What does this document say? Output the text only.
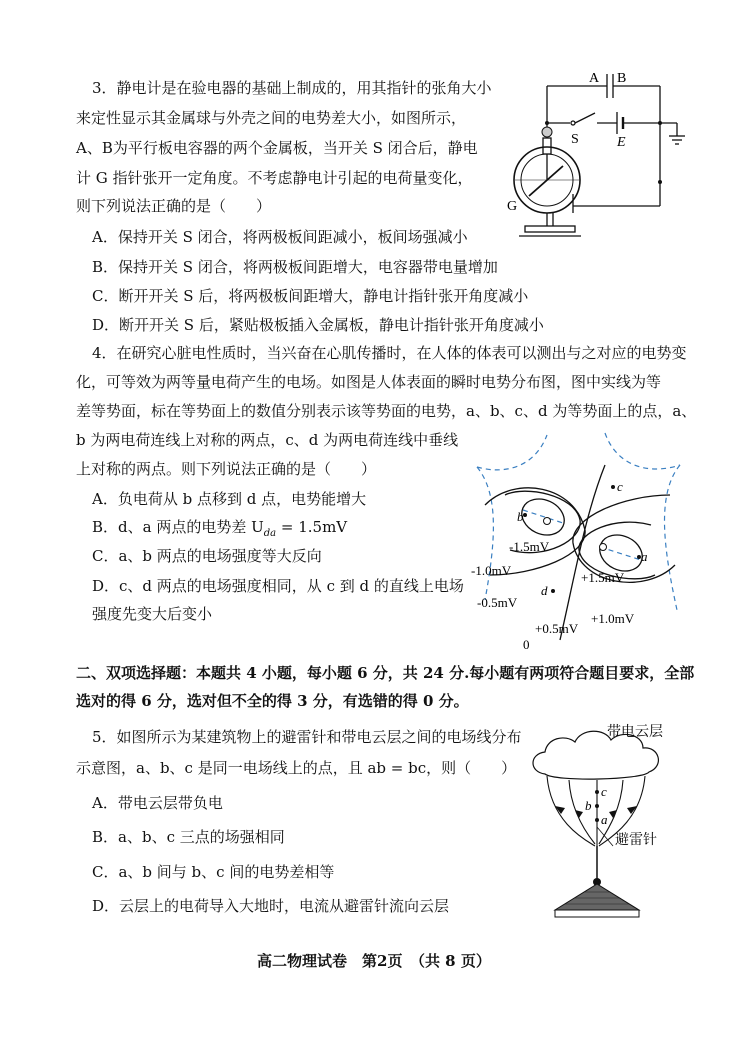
3．静电计是在验电器的基础上制成的，用其指针的张角大小
来定性显示其金属球与外壳之间的电势差大小，如图所示，
A、B为平行板电容器的两个金属板，当开关 S 闭合后，静电
计 G 指针张开一定角度。不考虑静电计引起的电荷量变化，
则下列说法正确的是（　　）
A．保持开关 S 闭合，将两极板间距减小，板间场强减小
B．保持开关 S 闭合，将两极板间距增大，电容器带电量增加
C．断开开关 S 后，将两极板间距增大，静电计指针张开角度减小
D．断开开关 S 后，紧贴极板插入金属板，静电计指针张开角度减小
A B
S	E
G
4．在研究心脏电性质时，当兴奋在心肌传播时，在人体的体表可以测出与之对应的电势变
化，可等效为两等量电荷产生的电场。如图是人体表面的瞬时电势分布图，图中实线为等
差等势面，标在等势面上的数值分别表示该等势面的电势，a、b、c、d 为等势面上的点，a、
b 为两电荷连线上对称的两点，c、d 为两电荷连线中垂线
上对称的两点。则下列说法正确的是（　　）
A．负电荷从 b 点移到 d 点，电势能增大
B．d、a 两点的电势差 $U_{da} = 1.5mV$
C．a、b 两点的电场强度等大反向
D．c、d 两点的电场强度相同，从 c 到 d 的直线上电场
强度先变大后变小
-1.5mV
-1.0mV
-0.5mV
+1.5mV
+1.0mV
+0.5mV
0
a
b
c
d
二、双项选择题：本题共 4 小题，每小题 6 分，共 24 分.每小题有两项符合题目要求，全部
选对的得 6 分，选对但不全的得 3 分，有选错的得 0 分。
5．如图所示为某建筑物上的避雷针和带电云层之间的电场线分布
示意图，a、b、c 是同一电场线上的点，且 ab = bc，则（　　）
A．带电云层带负电
B．a、b、c 三点的场强相同
C．a、b 间与 b、c 间的电势差相等
D．云层上的电荷导入大地时，电流从避雷针流向云层
c
b
a
带电云层
避雷针
高二物理试卷　第2页　（共 8 页）
